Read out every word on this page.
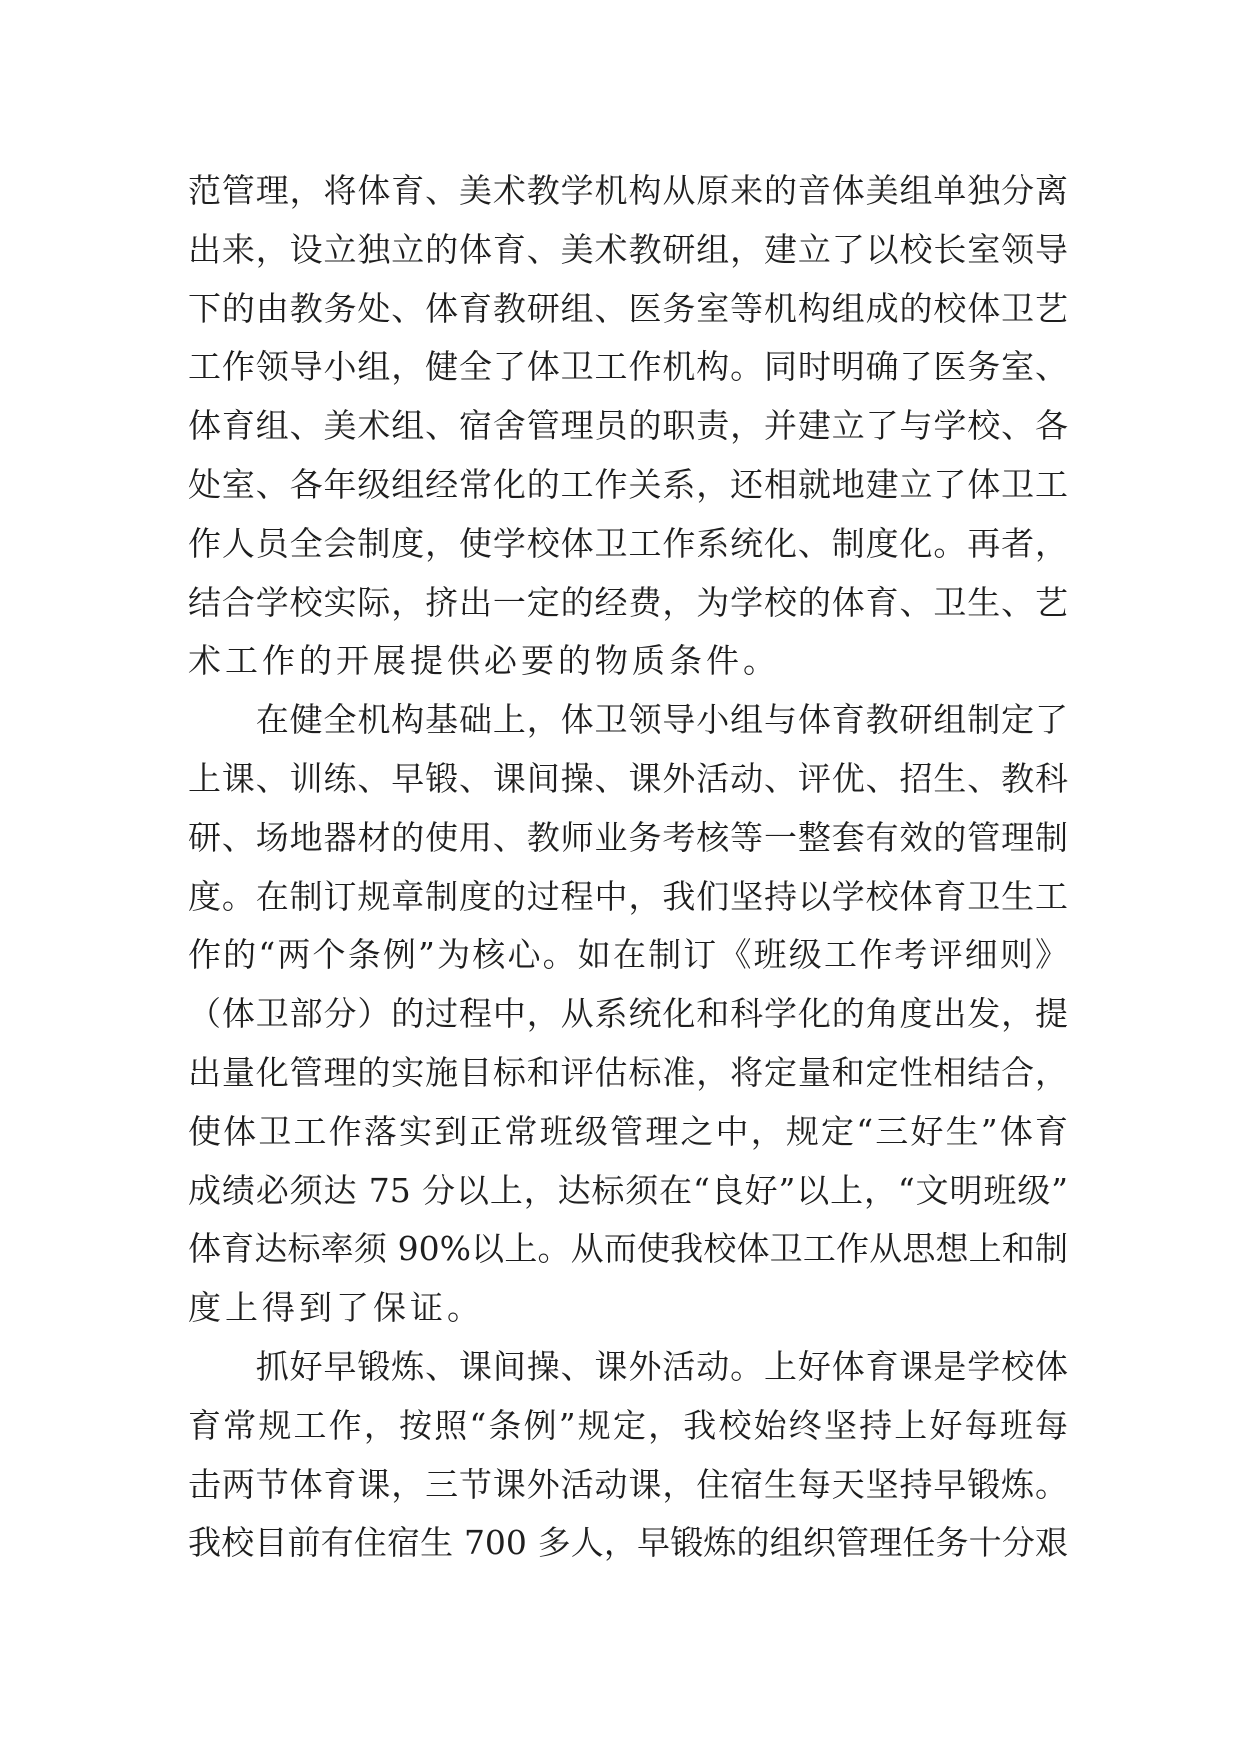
范管理，将体育、美术教学机构从原来的音体美组单独分离
出来，设立独立的体育、美术教研组，建立了以校长室领导
下的由教务处、体育教研组、医务室等机构组成的校体卫艺
工作领导小组，健全了体卫工作机构。同时明确了医务室、
体育组、美术组、宿舍管理员的职责，并建立了与学校、各
处室、各年级组经常化的工作关系，还相就地建立了体卫工
作人员全会制度，使学校体卫工作系统化、制度化。再者，
结合学校实际，挤出一定的经费，为学校的体育、卫生、艺
术工作的开展提供必要的物质条件。
　　在健全机构基础上，体卫领导小组与体育教研组制定了
上课、训练、早锻、课间操、课外活动、评优、招生、教科
研、场地器材的使用、教师业务考核等一整套有效的管理制
度。在制订规章制度的过程中，我们坚持以学校体育卫生工
作的“两个条例”为核心。如在制订《班级工作考评细则》
（体卫部分）的过程中，从系统化和科学化的角度出发，提
出量化管理的实施目标和评估标准，将定量和定性相结合，
使体卫工作落实到正常班级管理之中，规定“三好生”体育
成绩必须达 75 分以上，达标须在“良好”以上，“文明班级”
体育达标率须 90%以上。从而使我校体卫工作从思想上和制
度上得到了保证。
　　抓好早锻炼、课间操、课外活动。上好体育课是学校体
育常规工作，按照“条例”规定，我校始终坚持上好每班每
击两节体育课，三节课外活动课，住宿生每天坚持早锻炼。
我校目前有住宿生 700 多人，早锻炼的组织管理任务十分艰
